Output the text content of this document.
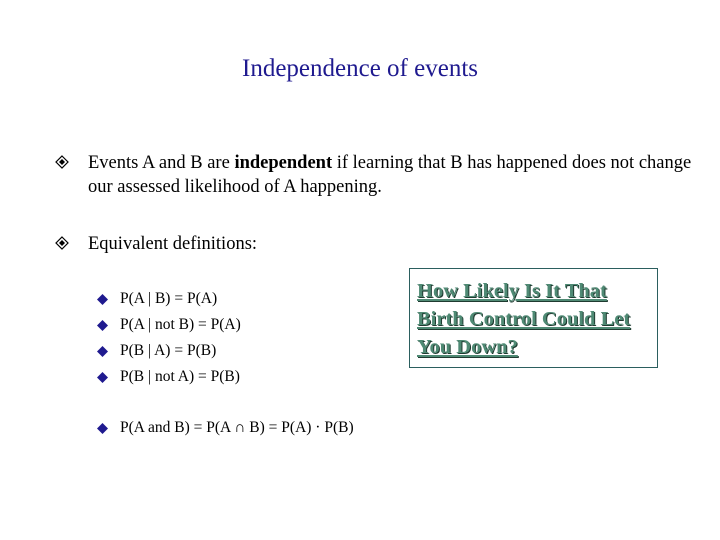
Independence of events
Events A and B are independent if learning that B has happened does not change our assessed likelihood of A happening.
Equivalent definitions:
P(A | B) = P(A)
P(A | not B) = P(A)
P(B | A) = P(B)
P(B | not A) = P(B)
P(A and B) = P(A ∩ B) = P(A) · P(B)
How Likely Is It That
Birth Control Could Let
You Down?
